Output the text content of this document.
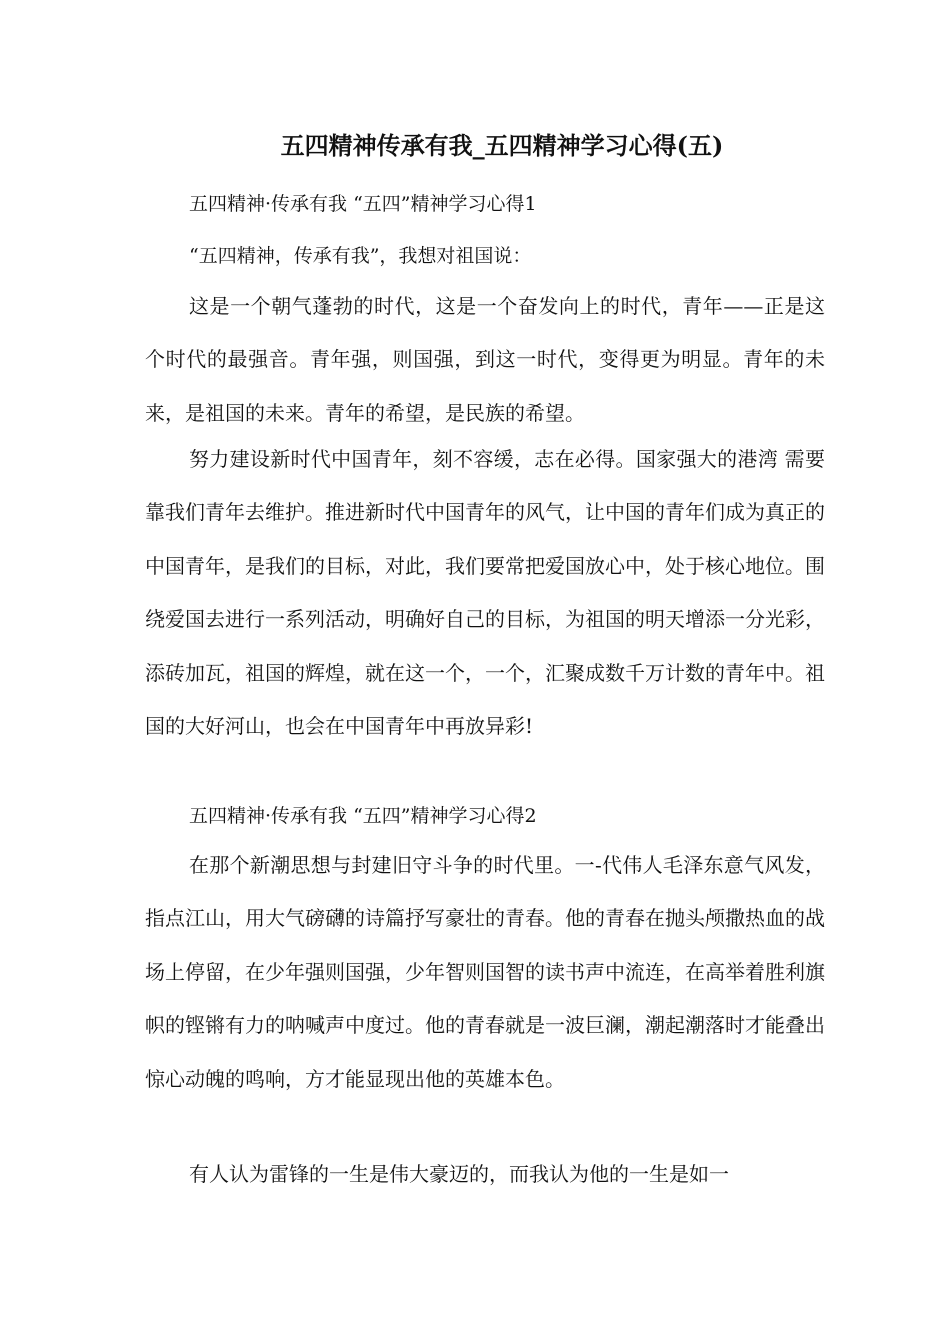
五四精神传承有我_五四精神学习心得(五)

五四精神·传承有我 “五四”精神学习心得1

“五四精神，传承有我”，我想对祖国说：

这是一个朝气蓬勃的时代，这是一个奋发向上的时代，青年——正是这个时代的最强音。青年强，则国强，到这一时代，变得更为明显。青年的未来，是祖国的未来。青年的希望，是民族的希望。

努力建设新时代中国青年，刻不容缓，志在必得。国家强大的港湾 需要靠我们青年去维护。推进新时代中国青年的风气，让中国的青年们成为真正的中国青年，是我们的目标，对此，我们要常把爱国放心中，处于核心地位。围绕爱国去进行一系列活动，明确好自己的目标，为祖国的明天增添一分光彩，添砖加瓦，祖国的辉煌，就在这一个，一个，汇聚成数千万计数的青年中。祖国的大好河山，也会在中国青年中再放异彩!

五四精神·传承有我 “五四”精神学习心得2

在那个新潮思想与封建旧守斗争的时代里。一-代伟人毛泽东意气风发，指点江山，用大气磅礴的诗篇抒写豪壮的青春。他的青春在抛头颅撒热血的战场上停留，在少年强则国强，少年智则国智的读书声中流连，在高举着胜利旗帜的铿锵有力的呐喊声中度过。他的青春就是一波巨澜，潮起潮落时才能叠出惊心动魄的鸣响，方才能显现出他的英雄本色。

有人认为雷锋的一生是伟大豪迈的，而我认为他的一生是如一
